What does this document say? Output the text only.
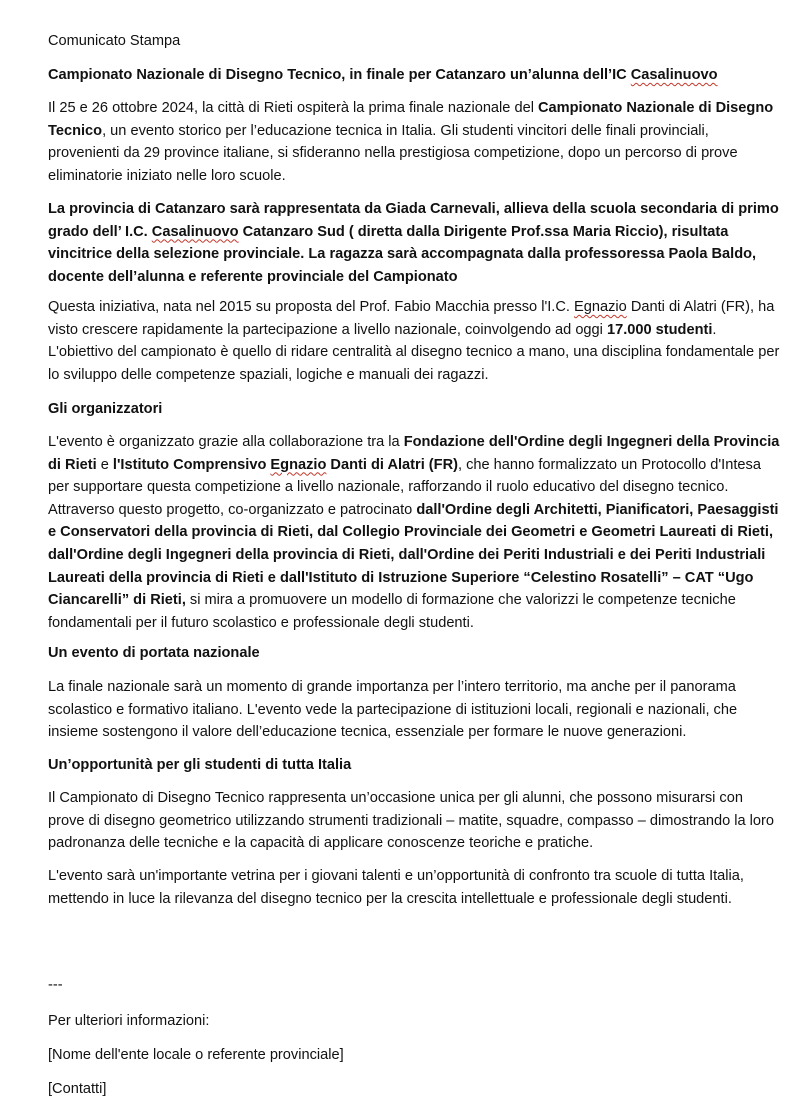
Comunicato Stampa

Campionato Nazionale di Disegno Tecnico, in finale per Catanzaro un’alunna dell’IC Casalinuovo

Il 25 e 26 ottobre 2024, la città di Rieti ospiterà la prima finale nazionale del Campionato Nazionale di Disegno Tecnico, un evento storico per l’educazione tecnica in Italia. Gli studenti vincitori delle finali provinciali, provenienti da 29 province italiane, si sfideranno nella prestigiosa competizione, dopo un percorso di prove eliminatorie iniziato nelle loro scuole.

La provincia di Catanzaro sarà rappresentata da Giada Carnevali, allieva della scuola secondaria di primo grado dell’ I.C. Casalinuovo Catanzaro Sud ( diretta dalla Dirigente Prof.ssa Maria Riccio), risultata vincitrice della selezione provinciale. La ragazza sarà accompagnata dalla professoressa Paola Baldo, docente dell’alunna e referente provinciale del Campionato

Questa iniziativa, nata nel 2015 su proposta del Prof. Fabio Macchia presso l'I.C. Egnazio Danti di Alatri (FR), ha visto crescere rapidamente la partecipazione a livello nazionale, coinvolgendo ad oggi 17.000 studenti. L'obiettivo del campionato è quello di ridare centralità al disegno tecnico a mano, una disciplina fondamentale per lo sviluppo delle competenze spaziali, logiche e manuali dei ragazzi.

Gli organizzatori

L'evento è organizzato grazie alla collaborazione tra la Fondazione dell'Ordine degli Ingegneri della Provincia di Rieti e l'Istituto Comprensivo Egnazio Danti di Alatri (FR), che hanno formalizzato un Protocollo d'Intesa per supportare questa competizione a livello nazionale, rafforzando il ruolo educativo del disegno tecnico. Attraverso questo progetto, co-organizzato e patrocinato dall'Ordine degli Architetti, Pianificatori, Paesaggisti e Conservatori della provincia di Rieti, dal Collegio Provinciale dei Geometri e Geometri Laureati di Rieti, dall'Ordine degli Ingegneri della provincia di Rieti, dall'Ordine dei Periti Industriali e dei Periti Industriali Laureati della provincia di Rieti e dall'Istituto di Istruzione Superiore “Celestino Rosatelli” – CAT “Ugo Ciancarelli” di Rieti, si mira a promuovere un modello di formazione che valorizzi le competenze tecniche fondamentali per il futuro scolastico e professionale degli studenti.

Un evento di portata nazionale

La finale nazionale sarà un momento di grande importanza per l’intero territorio, ma anche per il panorama scolastico e formativo italiano. L'evento vede la partecipazione di istituzioni locali, regionali e nazionali, che insieme sostengono il valore dell’educazione tecnica, essenziale per formare le nuove generazioni.

Un’opportunità per gli studenti di tutta Italia

Il Campionato di Disegno Tecnico rappresenta un’occasione unica per gli alunni, che possono misurarsi con prove di disegno geometrico utilizzando strumenti tradizionali – matite, squadre, compasso – dimostrando la loro padronanza delle tecniche e la capacità di applicare conoscenze teoriche e pratiche.

L'evento sarà un'importante vetrina per i giovani talenti e un’opportunità di confronto tra scuole di tutta Italia, mettendo in luce la rilevanza del disegno tecnico per la crescita intellettuale e professionale degli studenti.

---

Per ulteriori informazioni:

[Nome dell'ente locale o referente provinciale]

[Contatti]
